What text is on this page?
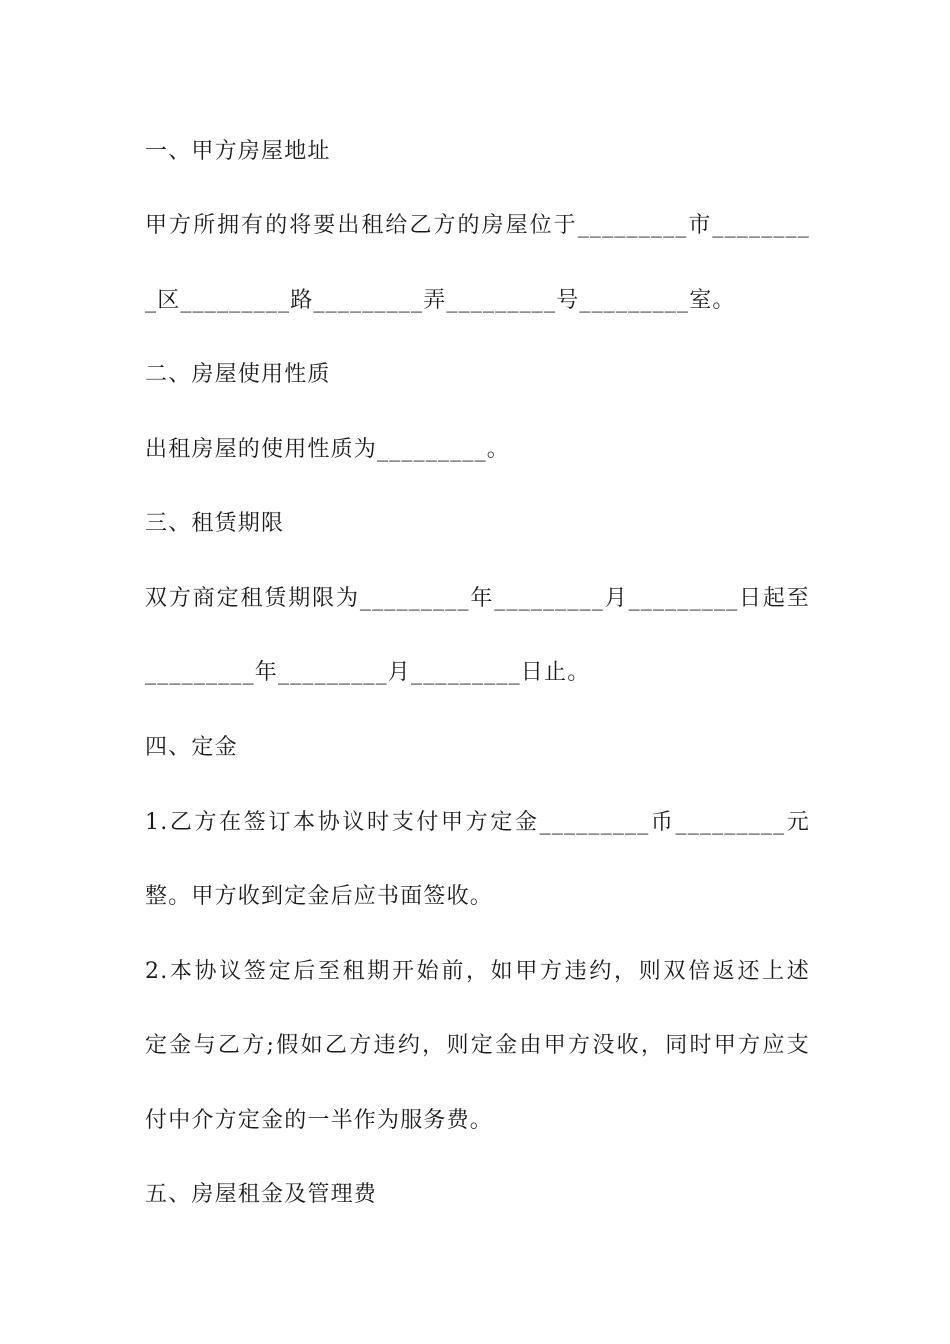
一、甲方房屋地址
甲方所拥有的将要出租给乙方的房屋位于_________市________
_区_________路_________弄_________号_________室。
二、房屋使用性质
出租房屋的使用性质为_________。
三、租赁期限
双方商定租赁期限为_________年_________月_________日起至
_________年_________月_________日止。
四、定金
1.乙方在签订本协议时支付甲方定金_________币_________元
整。甲方收到定金后应书面签收。
2.本协议签定后至租期开始前，如甲方违约，则双倍返还上述
定金与乙方;假如乙方违约，则定金由甲方没收，同时甲方应支
付中介方定金的一半作为服务费。
五、房屋租金及管理费
